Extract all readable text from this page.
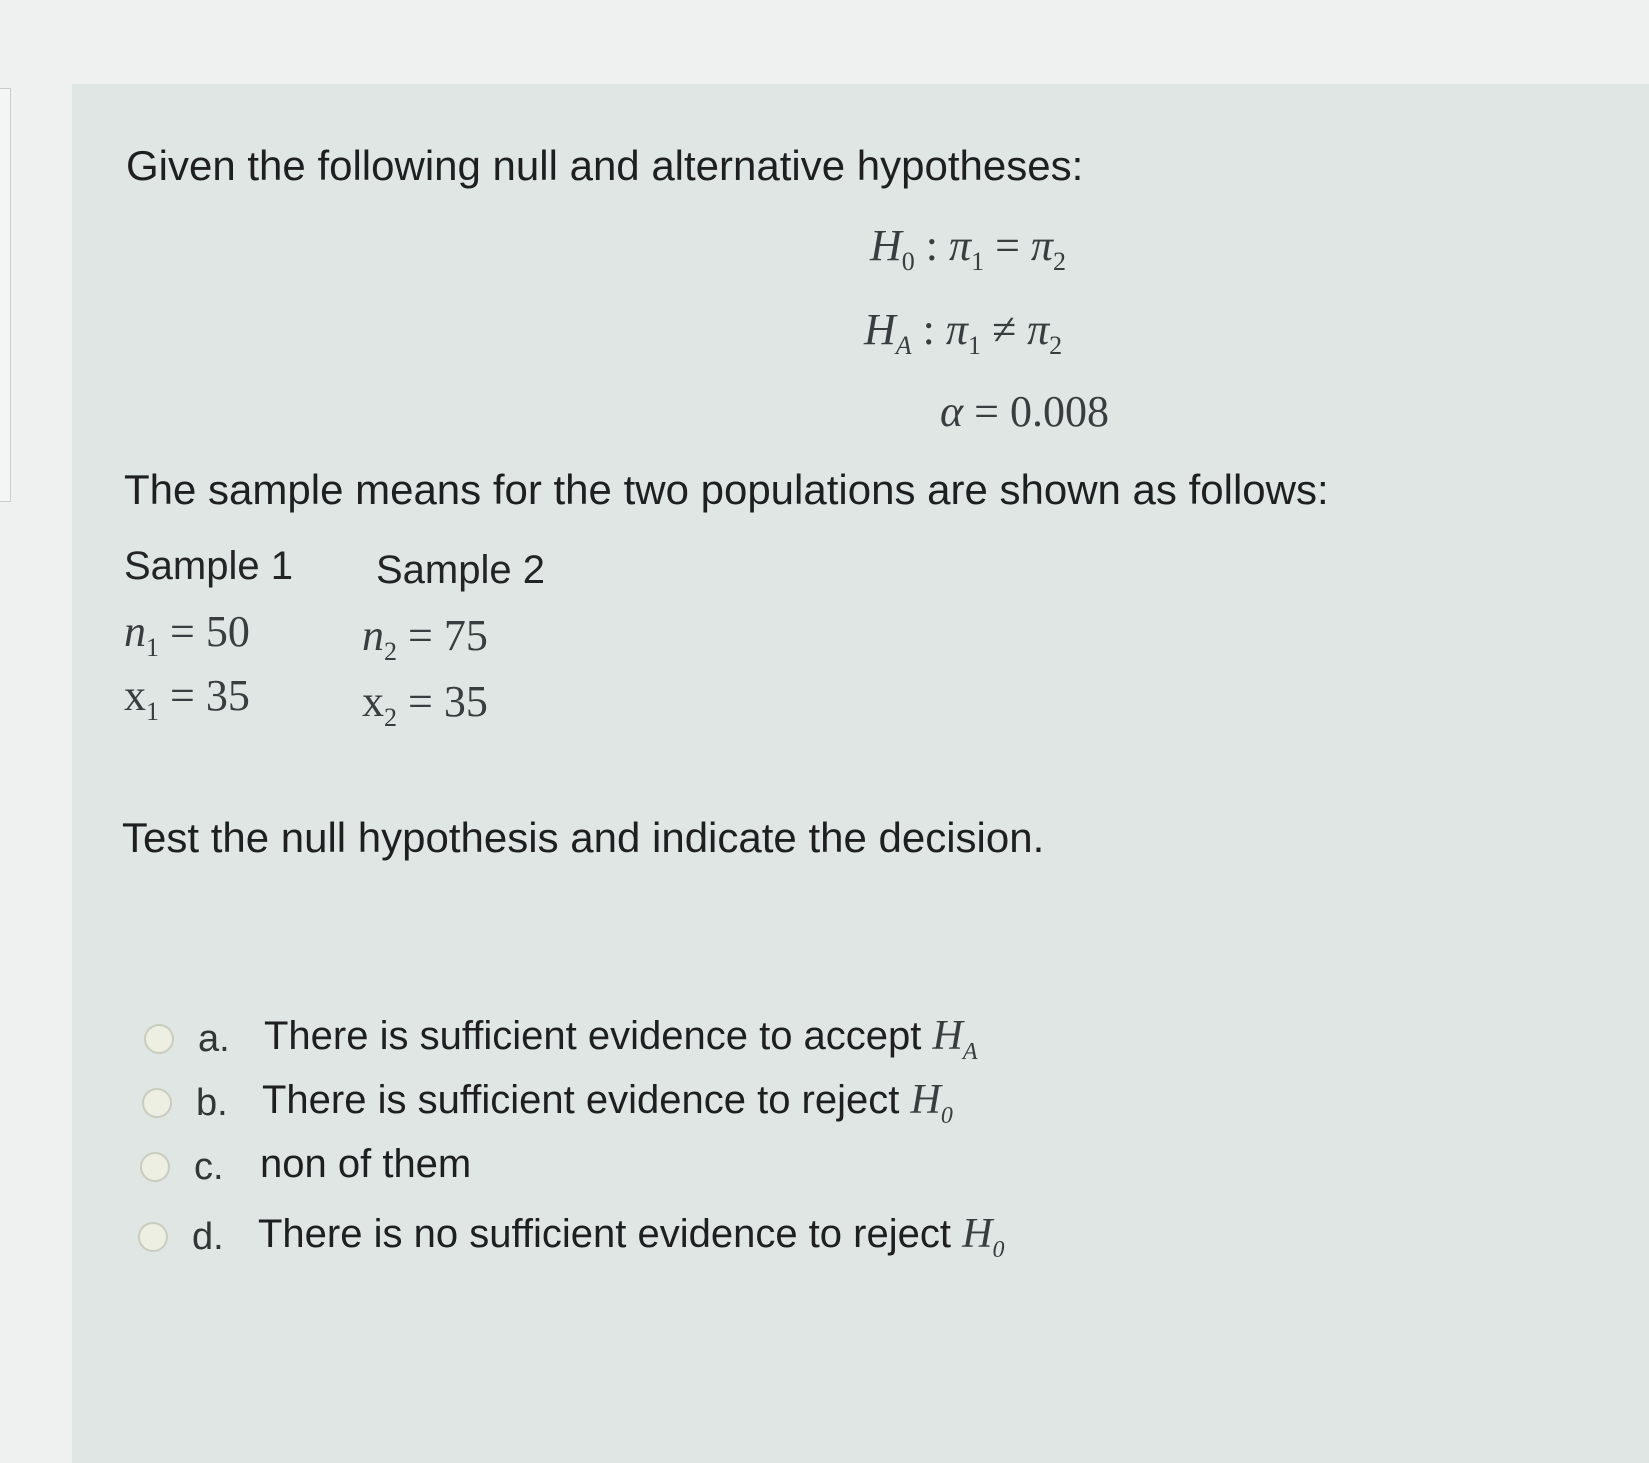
Given the following null and alternative hypotheses:
$H_0$ : $\pi_1 = \pi_2$
$H_A$ : $\pi_1 \ne \pi_2$
α = 0.008
The sample means for the two populations are shown as follows:
Sample 1 Sample 2
$n_1 = 50$	$n_2 = 75$
$x_1 = 35$	$x_2 = 35$
Test the null hypothesis and indicate the decision.
a. There is sufficient evidence to accept $H_A$
b. There is sufficient evidence to reject $H_0$
c. non of them
d. There is no sufficient evidence to reject $H_0$
